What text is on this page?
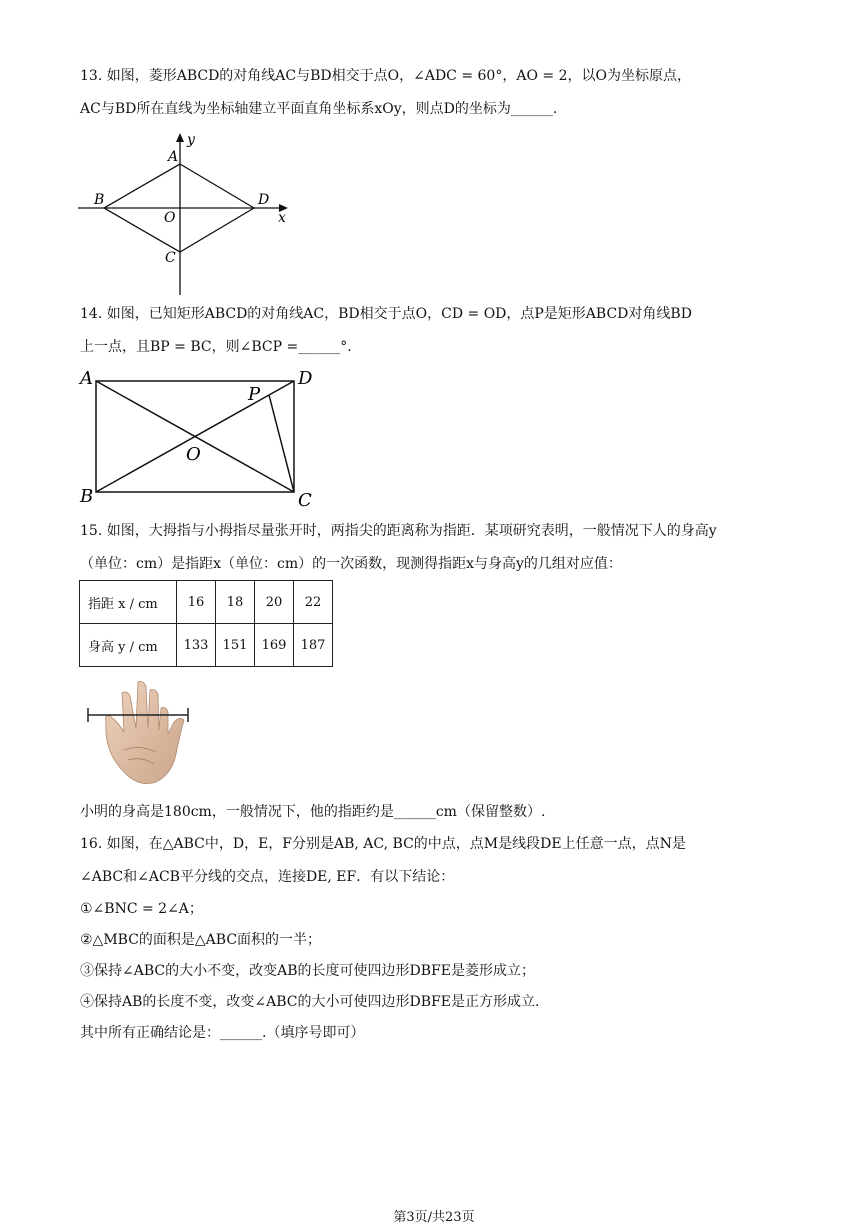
13. 如图，菱形ABCD的对角线AC与BD相交于点O，∠ADC = 60°，AO = 2，以O为坐标原点，
AC与BD所在直线为坐标轴建立平面直角坐标系xOy，则点D的坐标为______.
y
A
B
O
D
x
C
14. 如图，已知矩形ABCD的对角线AC，BD相交于点O，CD = OD，点P是矩形ABCD对角线BD
上一点，且BP = BC，则∠BCP =______°.
A	D
P
O
B	C
15. 如图，大拇指与小拇指尽量张开时，两指尖的距离称为指距．某项研究表明，一般情况下人的身高y
（单位：cm）是指距x（单位：cm）的一次函数，现测得指距x与身高y的几组对应值：
指距 x / cm	16	18	20	22
身高 y / cm	133	151	169	187
小明的身高是180cm，一般情况下，他的指距约是______cm（保留整数）.
16. 如图，在△ABC中，D，E，F分别是AB, AC, BC的中点，点M是线段DE上任意一点，点N是
∠ABC和∠ACB平分线的交点，连接DE, EF．有以下结论：
①∠BNC = 2∠A；
②△MBC的面积是△ABC面积的一半；
③保持∠ABC的大小不变，改变AB的长度可使四边形DBFE是菱形成立；
④保持AB的长度不变，改变∠ABC的大小可使四边形DBFE是正方形成立.
其中所有正确结论是：______.（填序号即可）
第3页/共23页
